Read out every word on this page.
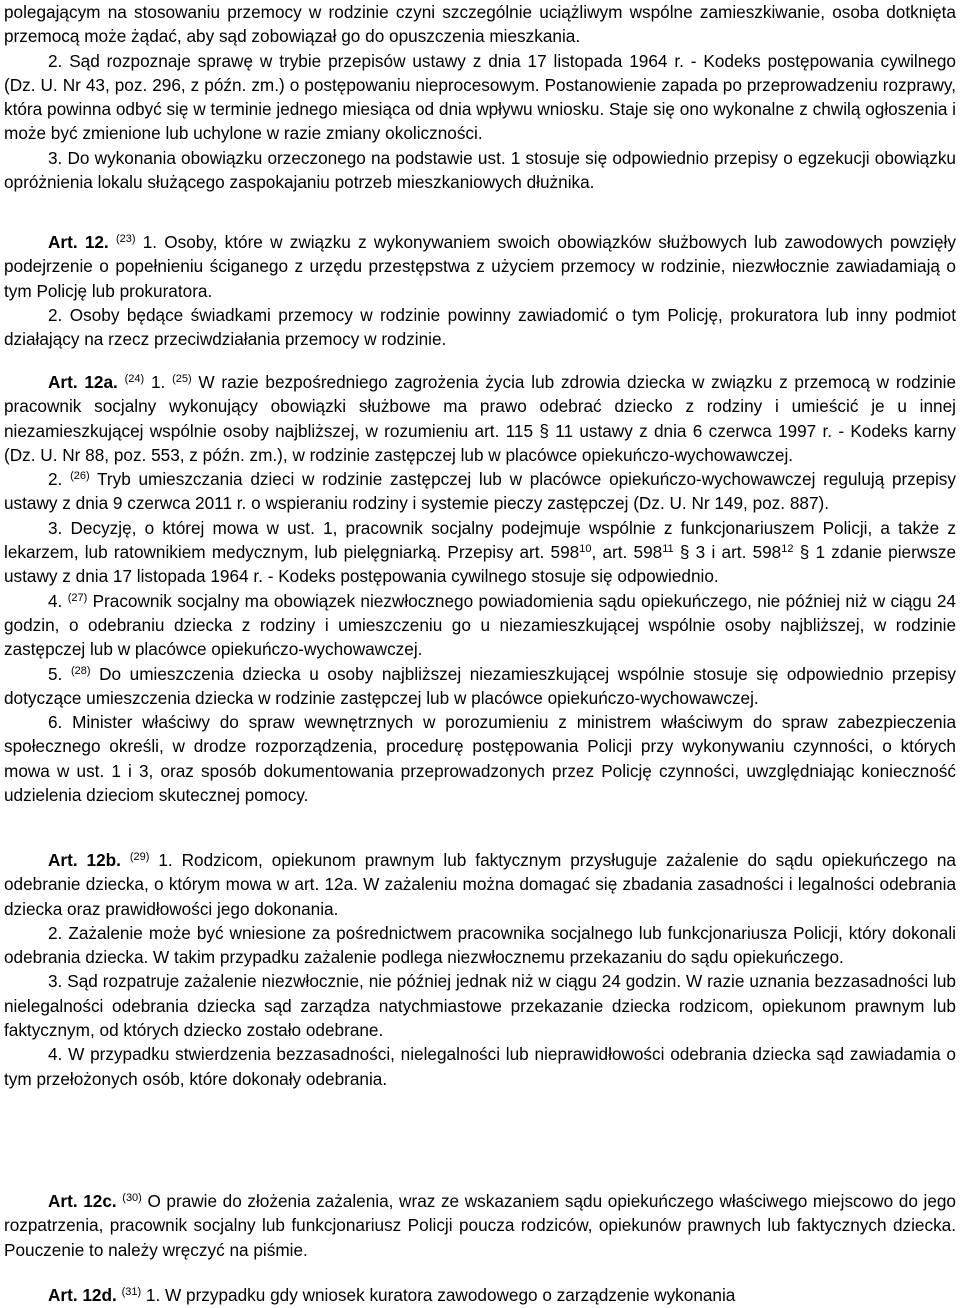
polegającym na stosowaniu przemocy w rodzinie czyni szczególnie uciążliwym wspólne zamieszkiwanie, osoba dotknięta przemocą może żądać, aby sąd zobowiązał go do opuszczenia mieszkania.

2. Sąd rozpoznaje sprawę w trybie przepisów ustawy z dnia 17 listopada 1964 r. - Kodeks postępowania cywilnego (Dz. U. Nr 43, poz. 296, z późn. zm.) o postępowaniu nieprocesowym. Postanowienie zapada po przeprowadzeniu rozprawy, która powinna odbyć się w terminie jednego miesiąca od dnia wpływu wniosku. Staje się ono wykonalne z chwilą ogłoszenia i może być zmienione lub uchylone w razie zmiany okoliczności.

3. Do wykonania obowiązku orzeczonego na podstawie ust. 1 stosuje się odpowiednio przepisy o egzekucji obowiązku opróżnienia lokalu służącego zaspokajaniu potrzeb mieszkaniowych dłużnika.

Art. 12. $^{(23)}$ 1. Osoby, które w związku z wykonywaniem swoich obowiązków służbowych lub zawodowych powzięły podejrzenie o popełnieniu ściganego z urzędu przestępstwa z użyciem przemocy w rodzinie, niezwłocznie zawiadamiają o tym Policję lub prokuratora.

2. Osoby będące świadkami przemocy w rodzinie powinny zawiadomić o tym Policję, prokuratora lub inny podmiot działający na rzecz przeciwdziałania przemocy w rodzinie.

Art. 12a. $^{(24)}$ 1. $^{(25)}$ W razie bezpośredniego zagrożenia życia lub zdrowia dziecka w związku z przemocą w rodzinie pracownik socjalny wykonujący obowiązki służbowe ma prawo odebrać dziecko z rodziny i umieścić je u innej niezamieszkującej wspólnie osoby najbliższej, w rozumieniu art. 115 § 11 ustawy z dnia 6 czerwca 1997 r. - Kodeks karny (Dz. U. Nr 88, poz. 553, z późn. zm.), w rodzinie zastępczej lub w placówce opiekuńczo-wychowawczej.

2. $^{(26)}$ Tryb umieszczania dzieci w rodzinie zastępczej lub w placówce opiekuńczo-wychowawczej regulują przepisy ustawy z dnia 9 czerwca 2011 r. o wspieraniu rodziny i systemie pieczy zastępczej (Dz. U. Nr 149, poz. 887).

3. Decyzję, o której mowa w ust. 1, pracownik socjalny podejmuje wspólnie z funkcjonariuszem Policji, a także z lekarzem, lub ratownikiem medycznym, lub pielęgniarką. Przepisy art. $598^{10}$, art. $598^{11}$ § 3 i art. $598^{12}$ § 1 zdanie pierwsze ustawy z dnia 17 listopada 1964 r. - Kodeks postępowania cywilnego stosuje się odpowiednio.

4. $^{(27)}$ Pracownik socjalny ma obowiązek niezwłocznego powiadomienia sądu opiekuńczego, nie później niż w ciągu 24 godzin, o odebraniu dziecka z rodziny i umieszczeniu go u niezamieszkującej wspólnie osoby najbliższej, w rodzinie zastępczej lub w placówce opiekuńczo-wychowawczej.

5. $^{(28)}$ Do umieszczenia dziecka u osoby najbliższej niezamieszkującej wspólnie stosuje się odpowiednio przepisy dotyczące umieszczenia dziecka w rodzinie zastępczej lub w placówce opiekuńczo-wychowawczej.

6. Minister właściwy do spraw wewnętrznych w porozumieniu z ministrem właściwym do spraw zabezpieczenia społecznego określi, w drodze rozporządzenia, procedurę postępowania Policji przy wykonywaniu czynności, o których mowa w ust. 1 i 3, oraz sposób dokumentowania przeprowadzonych przez Policję czynności, uwzględniając konieczność udzielenia dzieciom skutecznej pomocy.

Art. 12b. $^{(29)}$ 1. Rodzicom, opiekunom prawnym lub faktycznym przysługuje zażalenie do sądu opiekuńczego na odebranie dziecka, o którym mowa w art. 12a. W zażaleniu można domagać się zbadania zasadności i legalności odebrania dziecka oraz prawidłowości jego dokonania.

2. Zażalenie może być wniesione za pośrednictwem pracownika socjalnego lub funkcjonariusza Policji, który dokonali odebrania dziecka. W takim przypadku zażalenie podlega niezwłocznemu przekazaniu do sądu opiekuńczego.

3. Sąd rozpatruje zażalenie niezwłocznie, nie później jednak niż w ciągu 24 godzin. W razie uznania bezzasadności lub nielegalności odebrania dziecka sąd zarządza natychmiastowe przekazanie dziecka rodzicom, opiekunom prawnym lub faktycznym, od których dziecko zostało odebrane.

4. W przypadku stwierdzenia bezzasadności, nielegalności lub nieprawidłowości odebrania dziecka sąd zawiadamia o tym przełożonych osób, które dokonały odebrania.

Art. 12c. $^{(30)}$ O prawie do złożenia zażalenia, wraz ze wskazaniem sądu opiekuńczego właściwego miejscowo do jego rozpatrzenia, pracownik socjalny lub funkcjonariusz Policji poucza rodziców, opiekunów prawnych lub faktycznych dziecka. Pouczenie to należy wręczyć na piśmie.

Art. 12d. $^{(31)}$ 1. W przypadku gdy wniosek kuratora zawodowego o zarządzenie wykonania
